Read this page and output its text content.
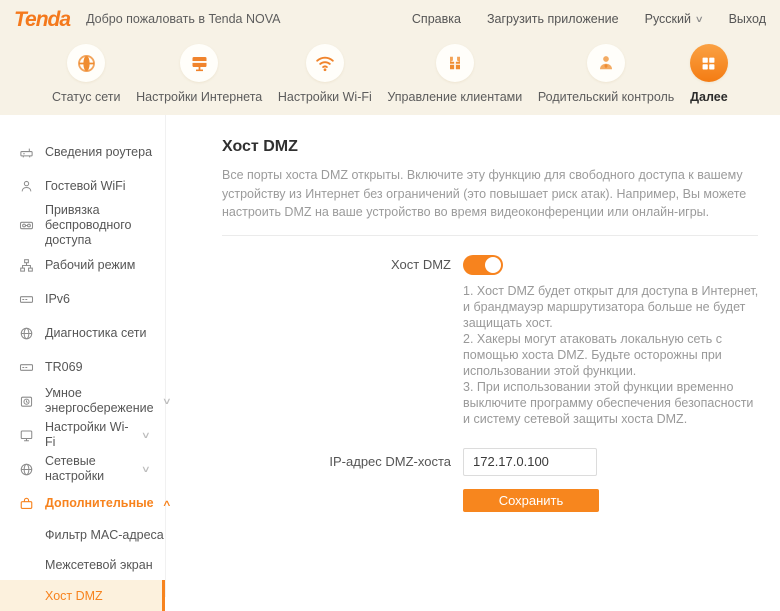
Tenda Добро пожаловать в Tenda NOVA	Справка Загрузить приложение Русский ∨ Выход
Статус сети Настройки Интернета Настройки Wi-Fi Управление клиентами Родительский контроль Далее
Сведения роутера
Гостевой WiFi
Привязка беспроводного доступа
Рабочий режим
IPv6
Диагностика сети
TR069
Умное энергосбережение
∨
Настройки Wi-Fi
∨
Сетевые настройки
∨
Дополнительные ∧
Фильтр MAC-адреса
Межсетевой экран
Хост DMZ
Хост DMZ
Все порты хоста DMZ открыты. Включите эту функцию для свободного доступа к вашему устройству из Интернет без ограничений (это повышает риск атак). Например, Вы можете настроить DMZ на ваше устройство во время видеоконференции или онлайн-игры.
Хост DMZ

1. Хост DMZ будет открыт для доступа в Интернет, и брандмауэр маршрутизатора больше не будет защищать хост.

2. Хакеры могут атаковать локальную сеть с помощью хоста DMZ. Будьте осторожны при использовании этой функции.

3. При использовании этой функции временно выключите программу обеспечения безопасности и систему сетевой защиты хоста DMZ.

IP-адрес DMZ-хоста
172.17.0.100
Сохранить
